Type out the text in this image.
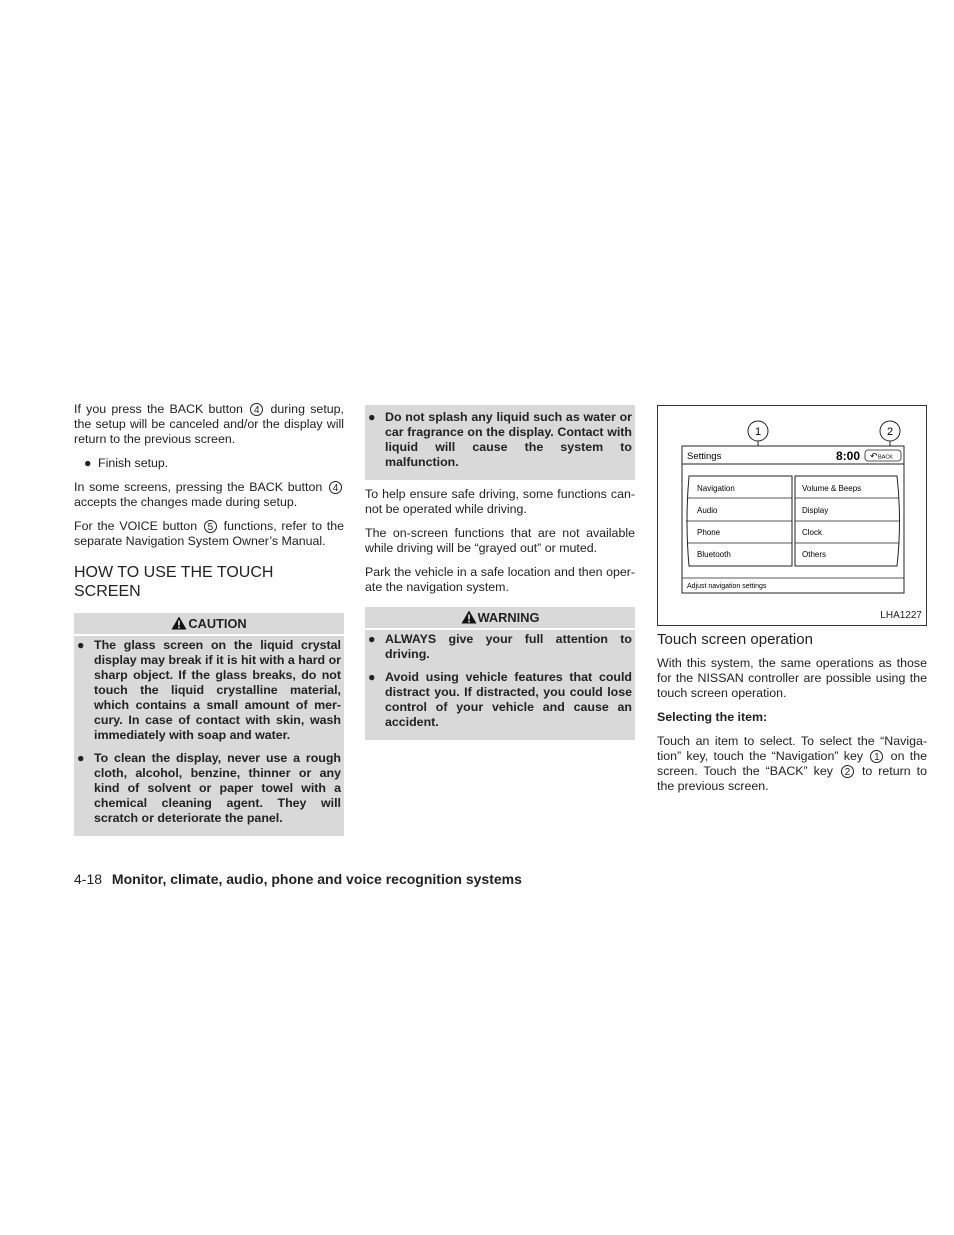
If you press the BACK button 4 during setup, the setup will be canceled and/or the display will return to the previous screen.

● Finish setup.

In some screens, pressing the BACK button 4 accepts the changes made during setup.

For the VOICE button 5 functions, refer to the separate Navigation System Owner’s Manual.

HOW TO USE THE TOUCH SCREEN
CAUTION
● The glass screen on the liquid crystal display may break if it is hit with a hard or sharp object. If the glass breaks, do not touch the liquid crystalline material, which contains a small amount of mer-cury. In case of contact with skin, wash immediately with soap and water.
● To clean the display, never use a rough cloth, alcohol, benzine, thinner or any kind of solvent or paper towel with a chemical cleaning agent. They will scratch or deteriorate the panel.
● Do not splash any liquid such as water or car fragrance on the display. Contact with liquid will cause the system to malfunction.

To help ensure safe driving, some functions can-not be operated while driving.

The on-screen functions that are not available while driving will be “grayed out” or muted.

Park the vehicle in a safe location and then oper-ate the navigation system.

WARNING
● ALWAYS give your full attention to driving.
● Avoid using vehicle features that could distract you. If distracted, you could lose control of your vehicle and cause an accident.
1	2
Settings	8:00 ↶ BACK
Navigation
Audio
Phone
Bluetooth
Volume & Beeps
Display
Clock
Others
Adjust navigation settings
LHA1227
Touch screen operation

With this system, the same operations as those for the NISSAN controller are possible using the touch screen operation.

Selecting the item:

Touch an item to select. To select the “Naviga-tion” key, touch the “Navigation” key 1 on the screen. Touch the “BACK” key 2 to return to the previous screen.

4-18 Monitor, climate, audio, phone and voice recognition systems
